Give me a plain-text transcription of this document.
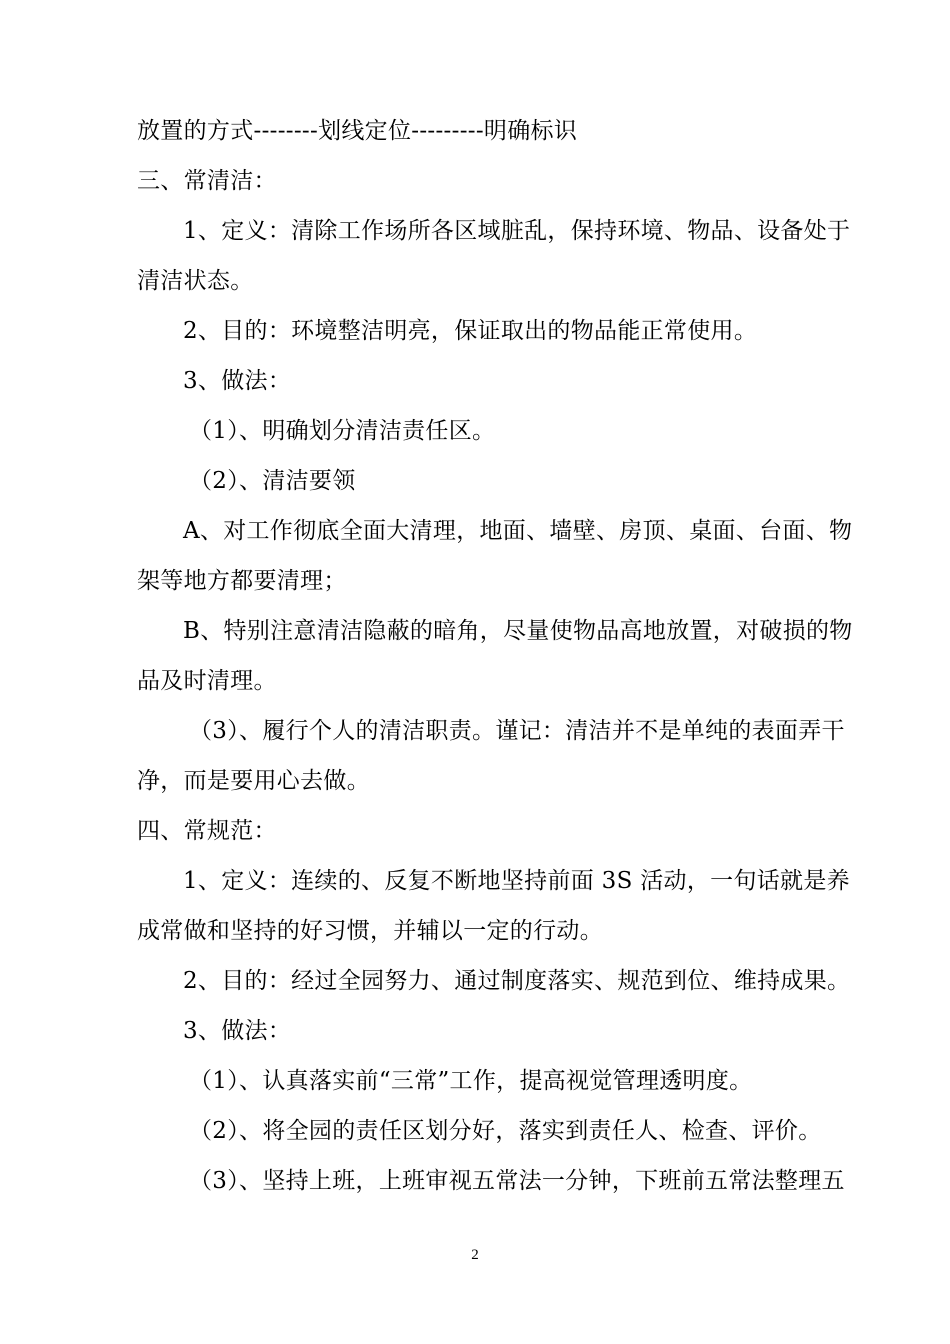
放置的方式--------划线定位---------明确标识
三、常清洁：
1、定义：清除工作场所各区域脏乱，保持环境、物品、设备处于
清洁状态。
2、目的：环境整洁明亮，保证取出的物品能正常使用。
3、做法：
（1）、明确划分清洁责任区。
（2）、清洁要领
A、对工作彻底全面大清理，地面、墙壁、房顶、桌面、台面、物
架等地方都要清理；
B、特别注意清洁隐蔽的暗角，尽量使物品高地放置，对破损的物
品及时清理。
（3）、履行个人的清洁职责。谨记：清洁并不是单纯的表面弄干
净，而是要用心去做。
四、常规范：
1、定义：连续的、反复不断地坚持前面 3S 活动，一句话就是养
成常做和坚持的好习惯，并辅以一定的行动。
2、目的：经过全园努力、通过制度落实、规范到位、维持成果。
3、做法：
（1）、认真落实前“三常”工作，提高视觉管理透明度。
（2）、将全园的责任区划分好，落实到责任人、检查、评价。
（3）、坚持上班，上班审视五常法一分钟，下班前五常法整理五
2
